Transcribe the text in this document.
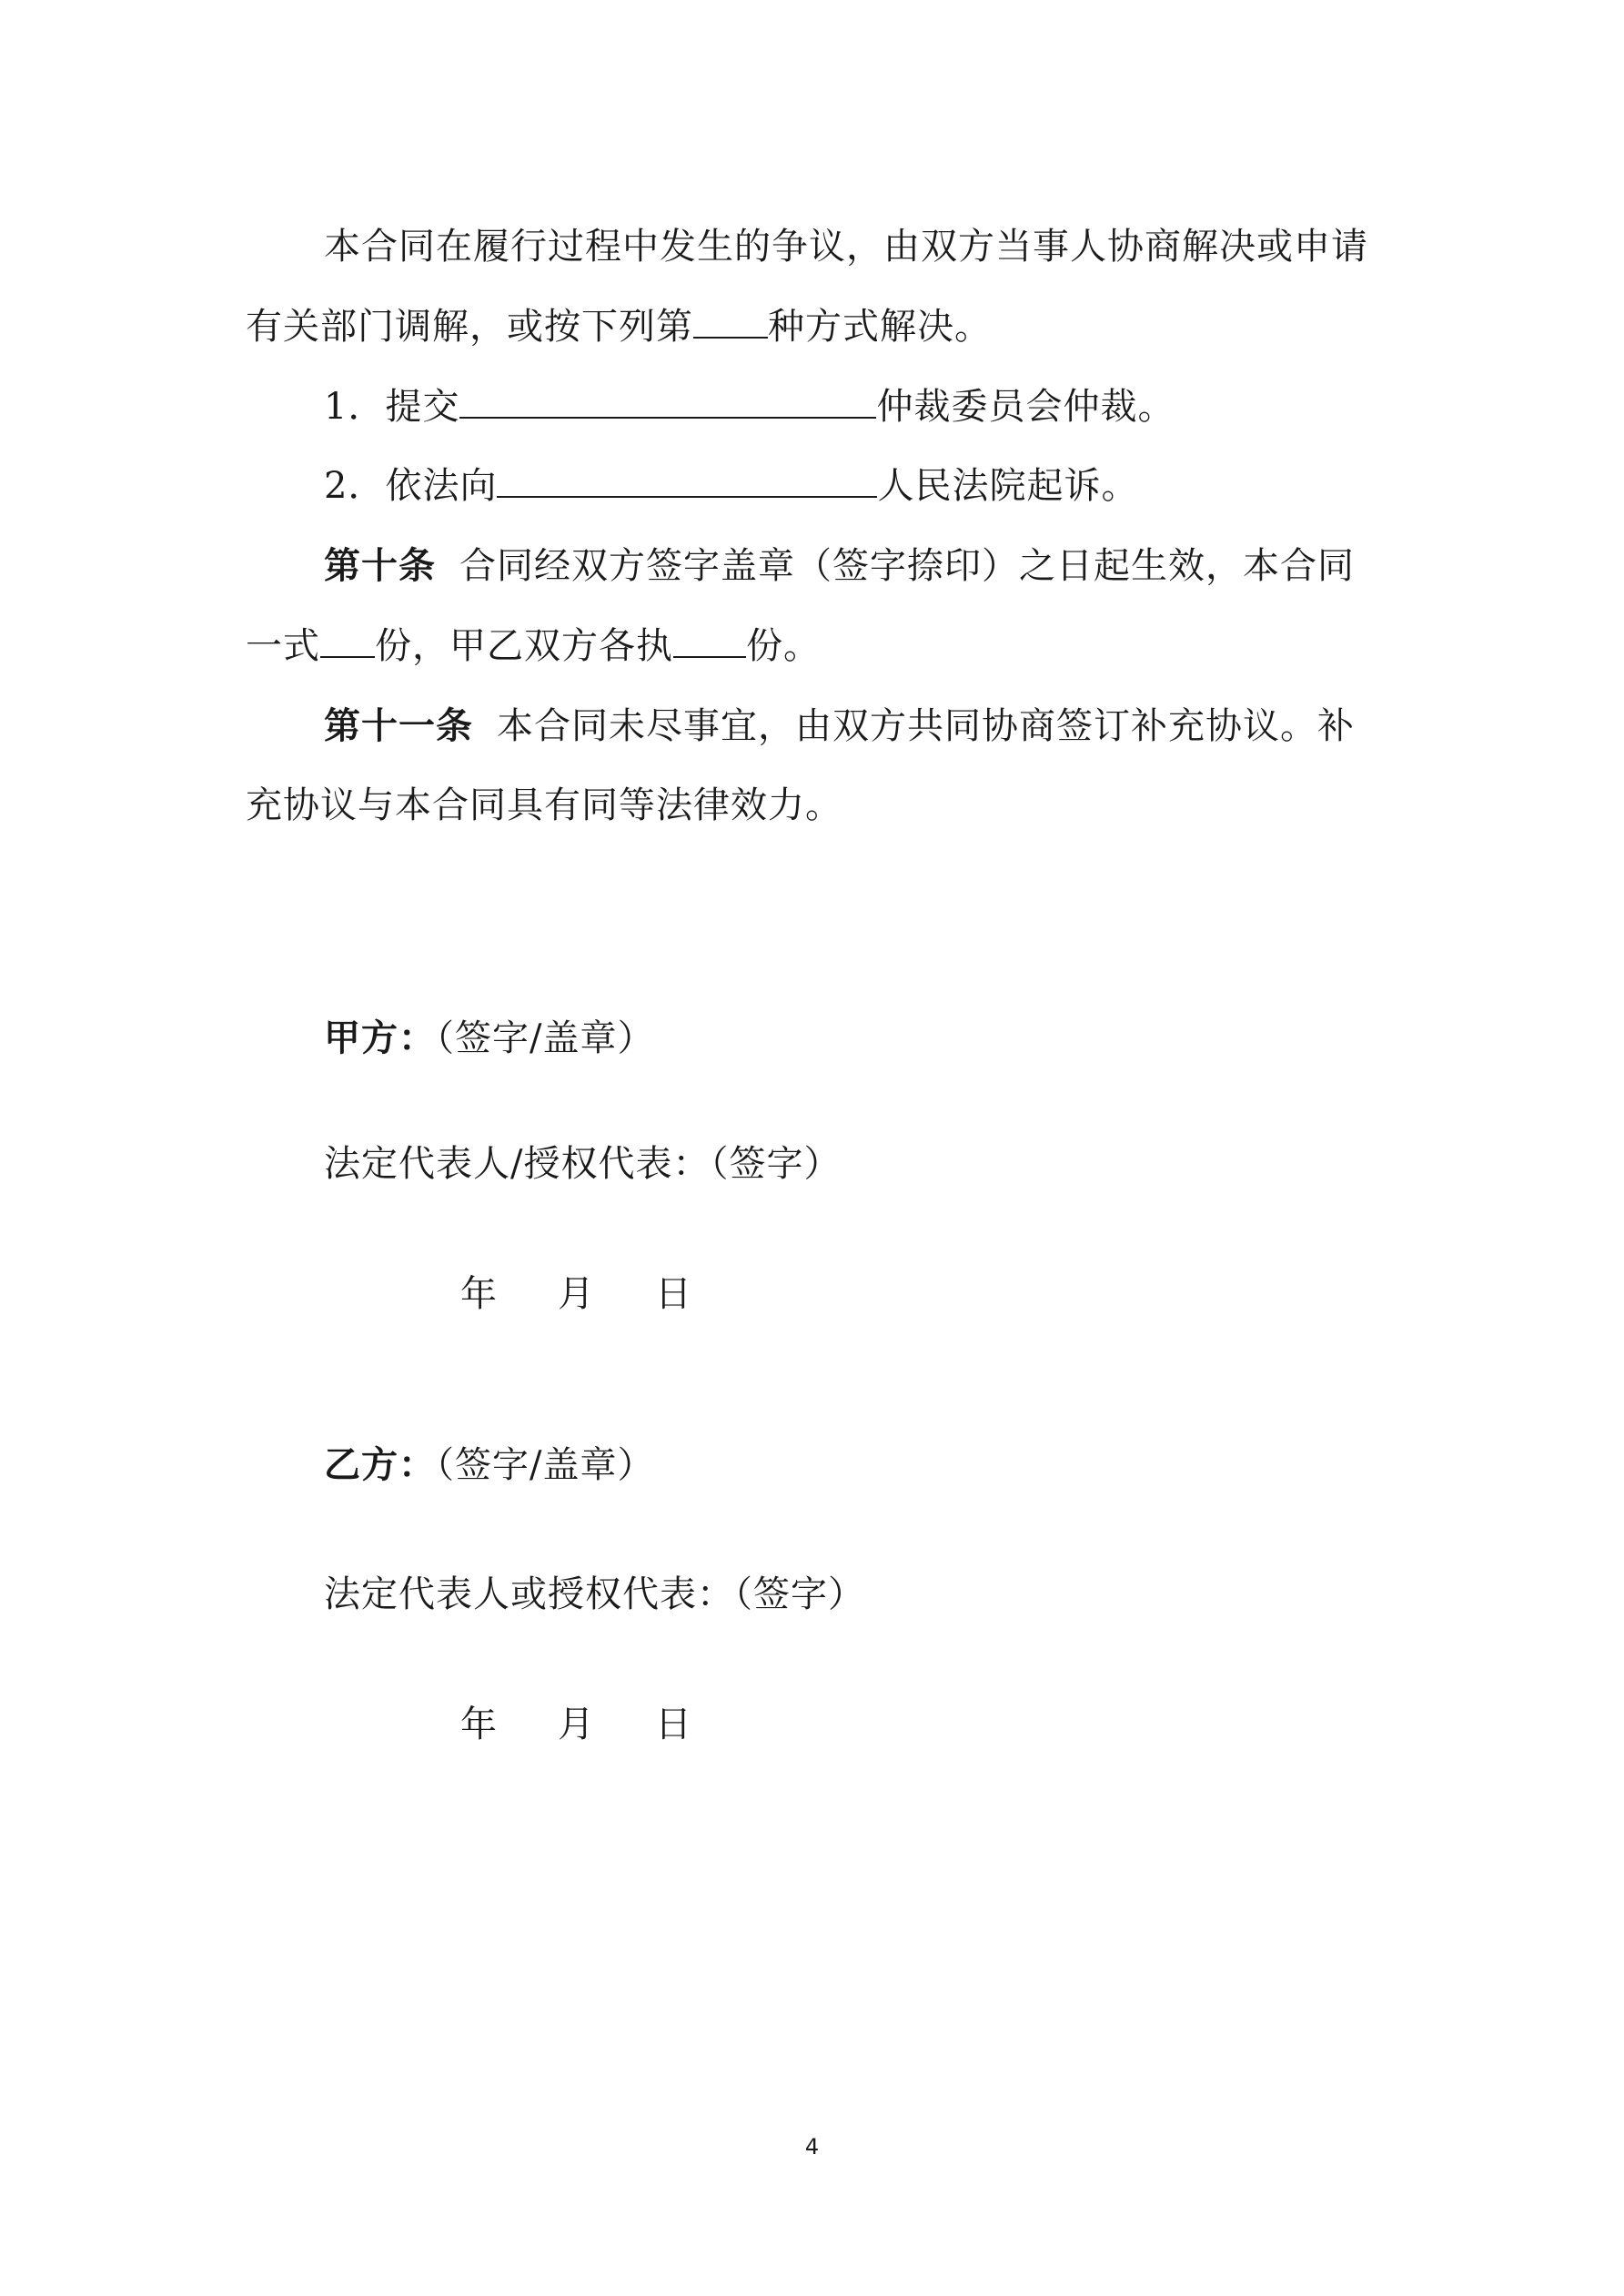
本合同在履行过程中发生的争议，由双方当事人协商解决或申请
有关部门调解，或按下列第 种方式解决。
1．提交	仲裁委员会仲裁。
2．依法向	人民法院起诉。
第十条 合同经双方签字盖章（签字捺印）之日起生效，本合同
一式 份，甲乙双方各执 份。
第十一条 本合同未尽事宜，由双方共同协商签订补充协议。补
充协议与本合同具有同等法律效力。
甲方：（签字/盖章）
法定代表人/授权代表：（签字）
年 月 日
乙方：（签字/盖章）
法定代表人或授权代表：（签字）
年 月 日
4
